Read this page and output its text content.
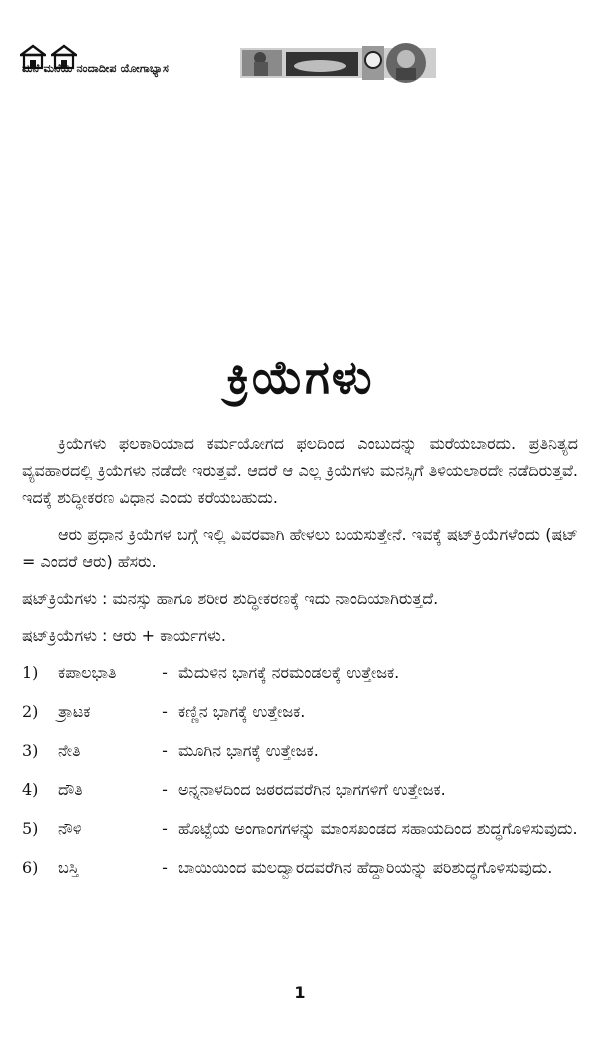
ಮನೆ ಮನೆಯ ನಂದಾದೀಪ ಯೋಗಾಭ್ಯಾಸ
ಕ್ರಿಯೆಗಳು

ಕ್ರಿಯೆಗಳು ಫಲಕಾರಿಯಾದ ಕರ್ಮಯೋಗದ ಫಲದಿಂದ ಎಂಬುದನ್ನು ಮರೆಯಬಾರದು. ಪ್ರತಿನಿತ್ಯದ ವ್ಯವಹಾರದಲ್ಲಿ ಕ್ರಿಯೆಗಳು ನಡೆದೇ ಇರುತ್ತವೆ. ಆದರೆ ಆ ಎಲ್ಲ ಕ್ರಿಯೆಗಳು ಮನಸ್ಸಿಗೆ ತಿಳಿಯಲಾರದೇ ನಡೆದಿರುತ್ತವೆ. ಇದಕ್ಕೆ ಶುದ್ಧೀಕರಣ ವಿಧಾನ ಎಂದು ಕರೆಯಬಹುದು.

ಆರು ಪ್ರಧಾನ ಕ್ರಿಯೆಗಳ ಬಗ್ಗೆ ಇಲ್ಲಿ ವಿವರವಾಗಿ ಹೇಳಲು ಬಯಸುತ್ತೇನೆ. ಇವಕ್ಕೆ ಷಟ್‌ಕ್ರಿಯೆಗಳೆಂದು (ಷಟ್ = ಎಂದರೆ ಆರು) ಹೆಸರು.

ಷಟ್‌ಕ್ರಿಯೆಗಳು : ಮನಸ್ಸು ಹಾಗೂ ಶರೀರ ಶುದ್ಧೀಕರಣಕ್ಕೆ ಇದು ನಾಂದಿಯಾಗಿರುತ್ತದೆ.

ಷಟ್‌ಕ್ರಿಯೆಗಳು : ಆರು + ಕಾರ್ಯಗಳು.

1)	ಕಪಾಲಭಾತಿ	- ಮೆದುಳಿನ ಭಾಗಕ್ಕೆ ನರಮಂಡಲಕ್ಕೆ ಉತ್ತೇಜಕ.
2)	ತ್ರಾಟಕ	- ಕಣ್ಣಿನ ಭಾಗಕ್ಕೆ ಉತ್ತೇಜಕ.
3)	ನೇತಿ	- ಮೂಗಿನ ಭಾಗಕ್ಕೆ ಉತ್ತೇಜಕ.
4)	ದೌತಿ	- ಅನ್ನನಾಳದಿಂದ ಜಠರದವರೆಗಿನ ಭಾಗಗಳಿಗೆ ಉತ್ತೇಜಕ.
5)	ನೌಳಿ	- ಹೊಟ್ಟೆಯ ಅಂಗಾಂಗಗಳನ್ನು ಮಾಂಸಖಂಡದ ಸಹಾಯದಿಂದ ಶುದ್ಧಗೊಳಿಸುವುದು.
6)	ಬಸ್ತಿ	- ಬಾಯಿಯಿಂದ ಮಲದ್ವಾರದವರೆಗಿನ ಹೆದ್ದಾರಿಯನ್ನು ಪರಿಶುದ್ಧಗೊಳಿಸುವುದು.
1
